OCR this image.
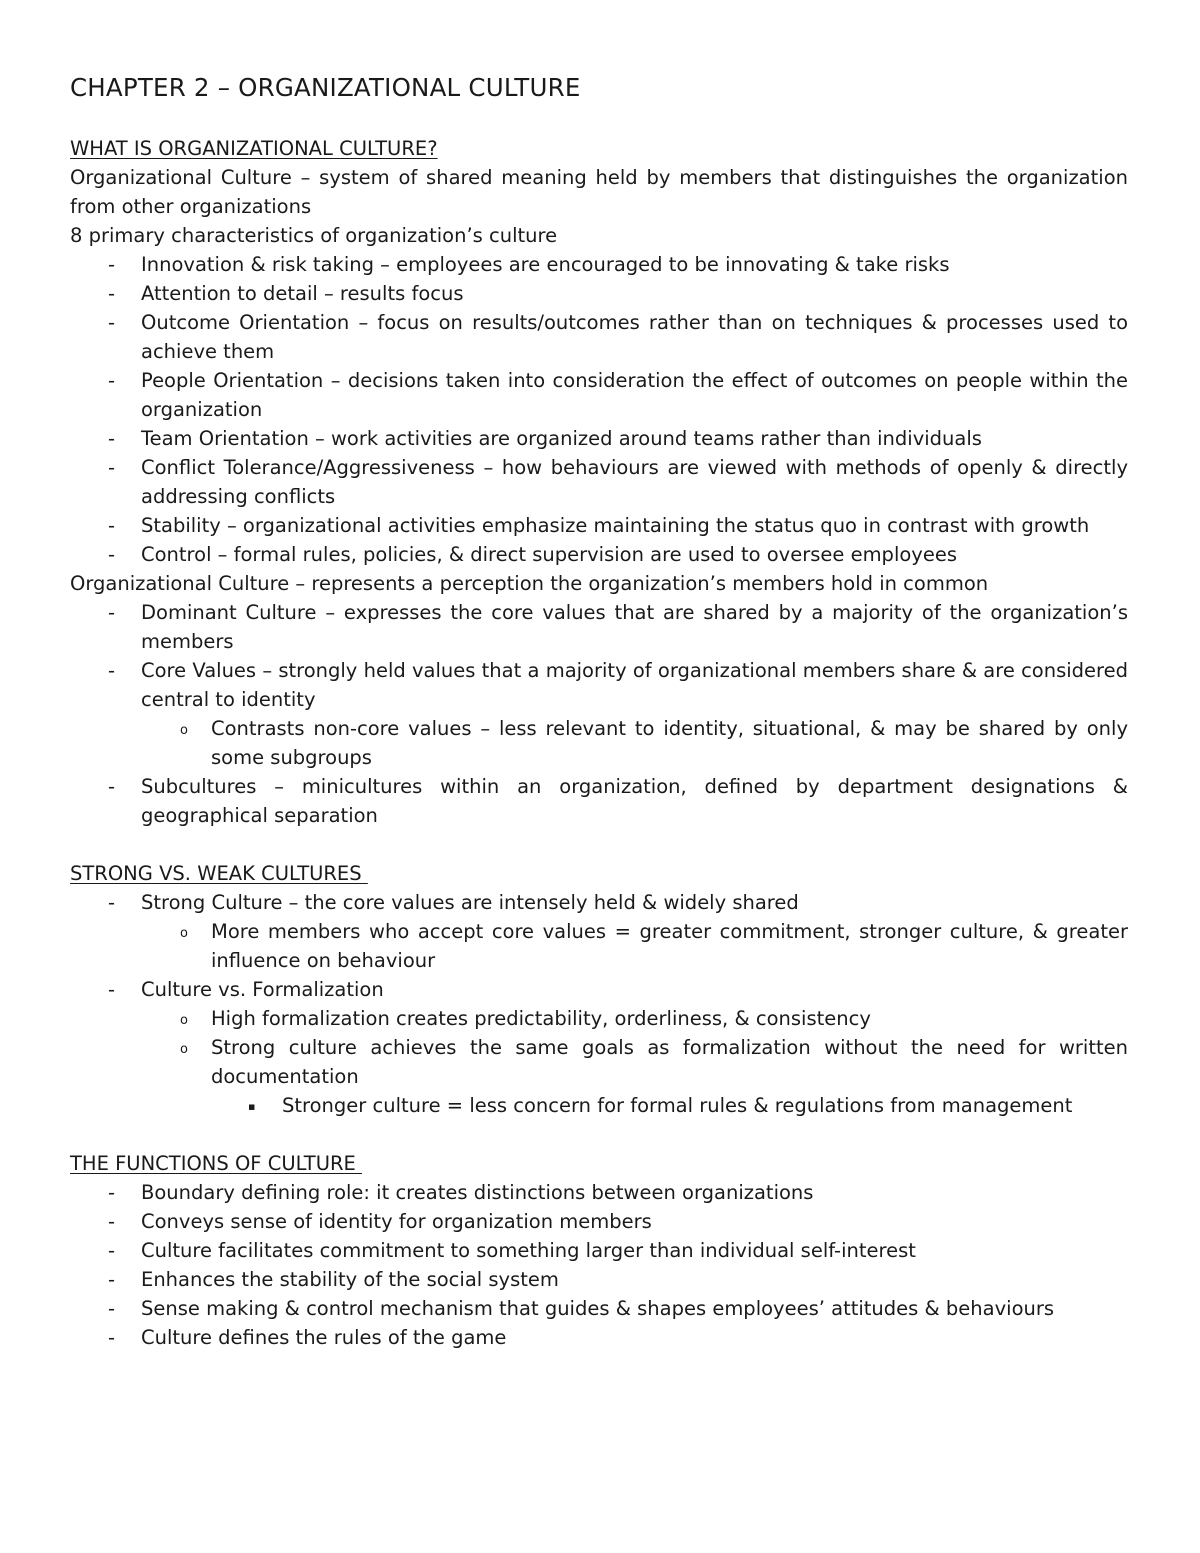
CHAPTER 2 – ORGANIZATIONAL CULTURE
WHAT IS ORGANIZATIONAL CULTURE?
Organizational Culture – system of shared meaning held by members that distinguishes the organization from other organizations
8 primary characteristics of organization’s culture
- Innovation & risk taking – employees are encouraged to be innovating & take risks
- Attention to detail – results focus
- Outcome Orientation – focus on results/outcomes rather than on techniques & processes used to achieve them
- People Orientation – decisions taken into consideration the effect of outcomes on people within the organization
- Team Orientation – work activities are organized around teams rather than individuals
- Conflict Tolerance/Aggressiveness – how behaviours are viewed with methods of openly & directly addressing conflicts
- Stability – organizational activities emphasize maintaining the status quo in contrast with growth
- Control – formal rules, policies, & direct supervision are used to oversee employees
Organizational Culture – represents a perception the organization’s members hold in common
- Dominant Culture – expresses the core values that are shared by a majority of the organization’s members
- Core Values – strongly held values that a majority of organizational members share & are considered central to identity
o Contrasts non-core values – less relevant to identity, situational, & may be shared by only some subgroups
- Subcultures – minicultures within an organization, defined by department designations & geographical separation
STRONG VS. WEAK CULTURES
- Strong Culture – the core values are intensely held & widely shared
o More members who accept core values = greater commitment, stronger culture, & greater influence on behaviour
- Culture vs. Formalization
o High formalization creates predictability, orderliness, & consistency
o Strong culture achieves the same goals as formalization without the need for written documentation
▪ Stronger culture = less concern for formal rules & regulations from management
THE FUNCTIONS OF CULTURE
- Boundary defining role: it creates distinctions between organizations
- Conveys sense of identity for organization members
- Culture facilitates commitment to something larger than individual self-interest
- Enhances the stability of the social system
- Sense making & control mechanism that guides & shapes employees’ attitudes & behaviours
- Culture defines the rules of the game
